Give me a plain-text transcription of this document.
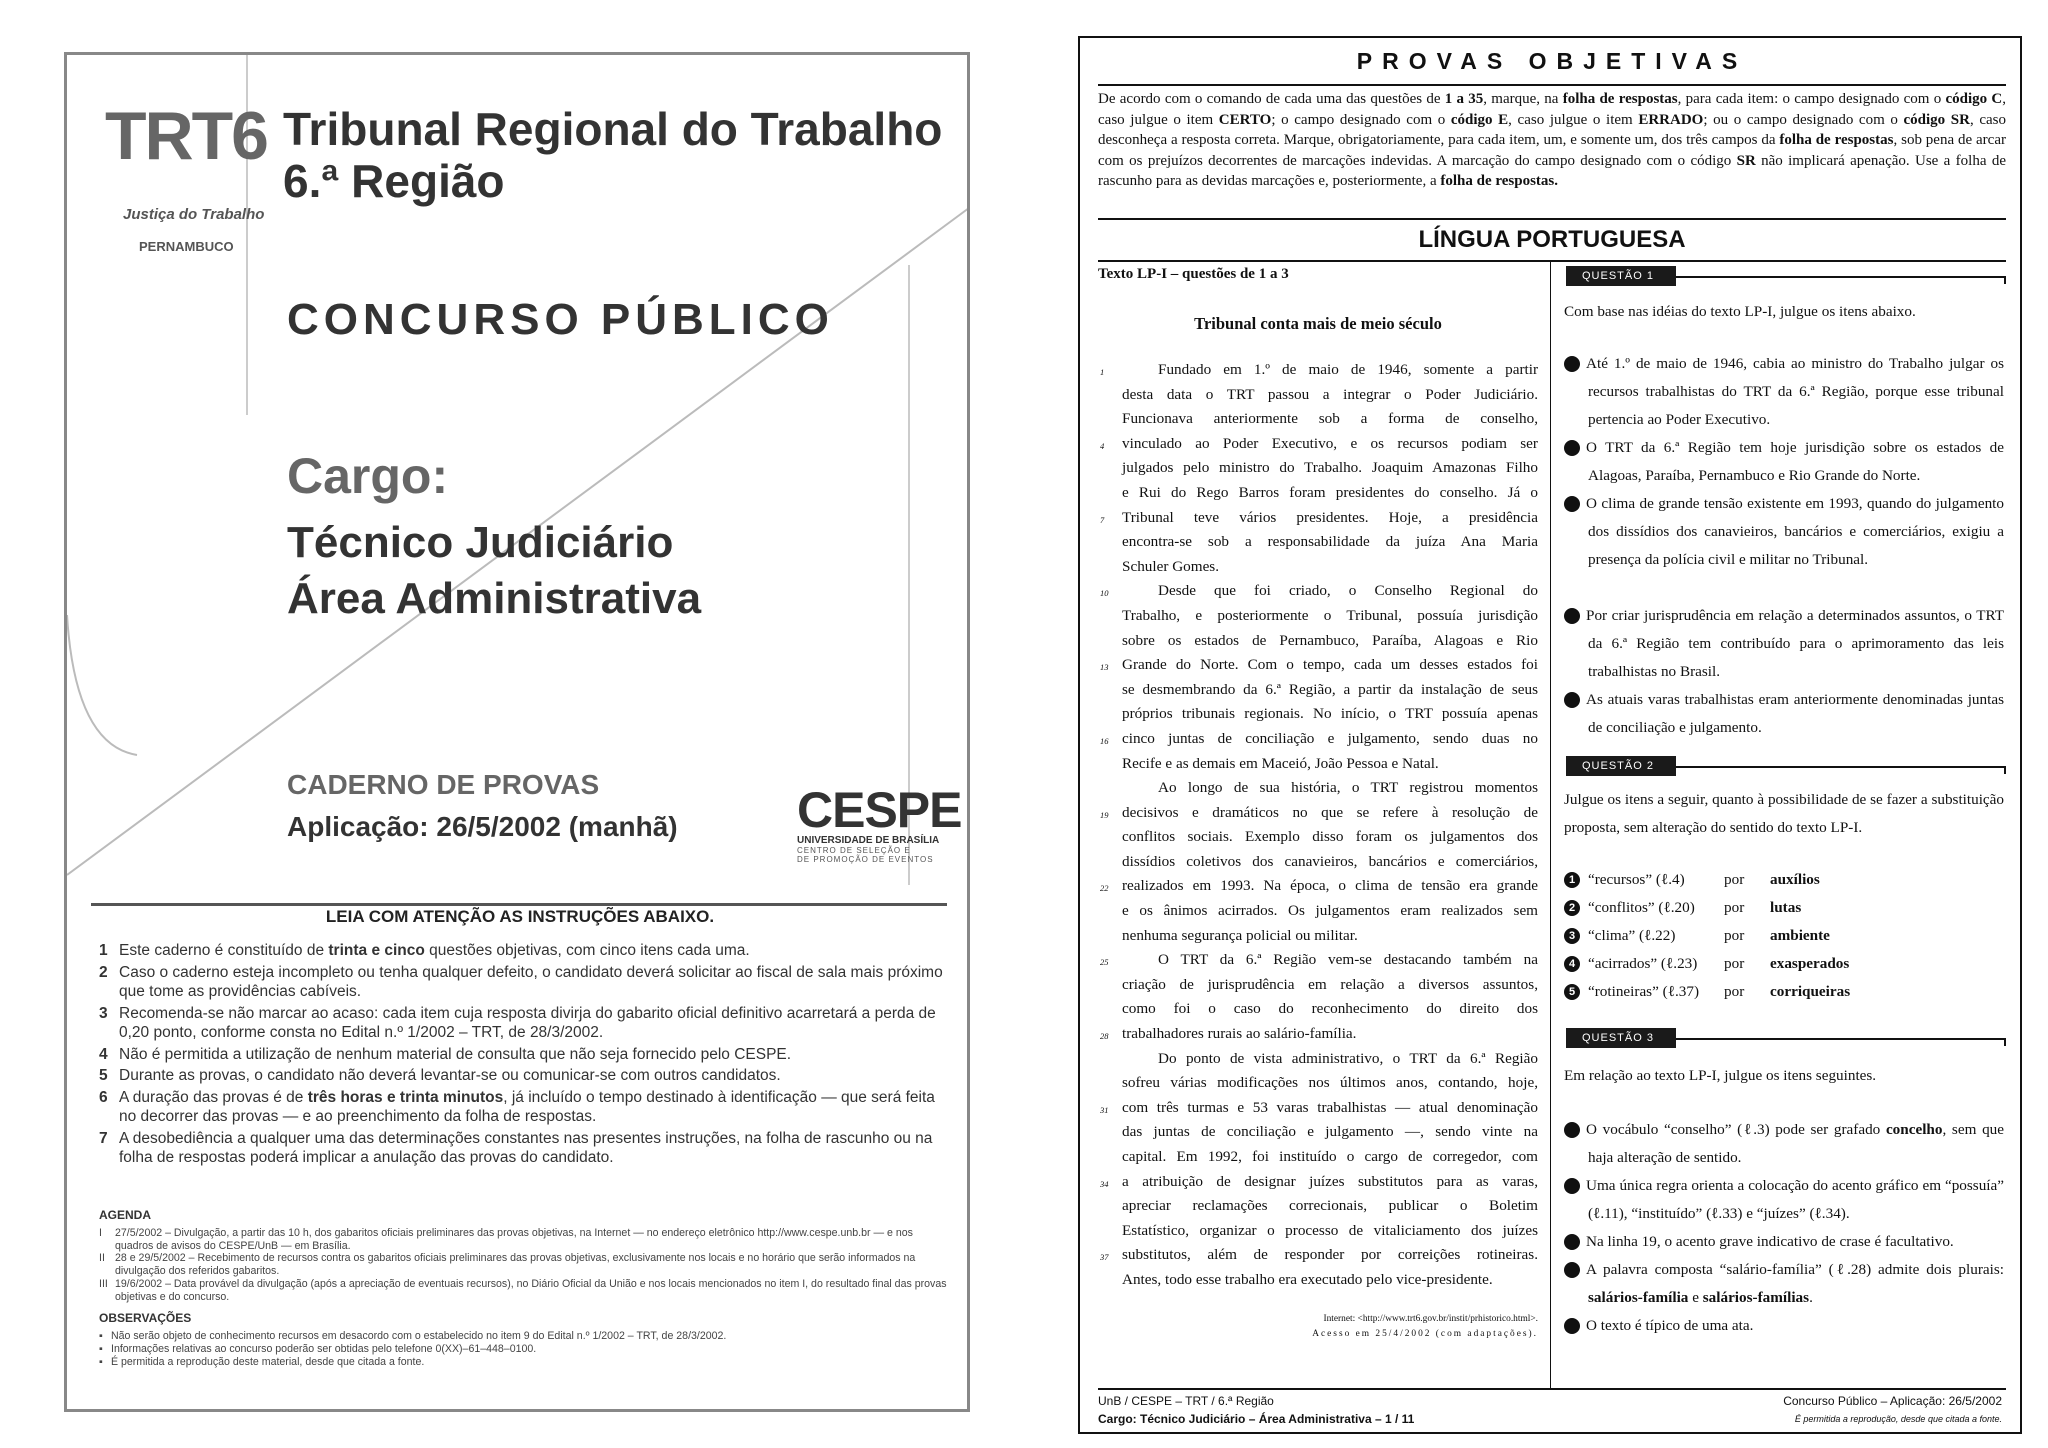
TRT6
Justiça do Trabalho
PERNAMBUCO
Tribunal Regional do Trabalho
6.ª Região
CONCURSO PÚBLICO
Cargo:
Técnico Judiciário
Área Administrativa
CADERNO DE PROVAS
Aplicação: 26/5/2002 (manhã) CESPE
UNIVERSIDADE DE BRASÍLIA
CENTRO DE SELEÇÃO E
DE PROMOÇÃO DE EVENTOS
LEIA COM ATENÇÃO AS INSTRUÇÕES ABAIXO.
1 Este caderno é constituído de trinta e cinco questões objetivas, com cinco itens cada uma.
2 Caso o caderno esteja incompleto ou tenha qualquer defeito, o candidato deverá solicitar ao fiscal de sala mais próximo que tome as providências cabíveis.
3 Recomenda-se não marcar ao acaso: cada item cuja resposta divirja do gabarito oficial definitivo acarretará a perda de 0,20 ponto, conforme consta no Edital n.º 1/2002 – TRT, de 28/3/2002.
4 Não é permitida a utilização de nenhum material de consulta que não seja fornecido pelo CESPE.
5 Durante as provas, o candidato não deverá levantar-se ou comunicar-se com outros candidatos.
6 A duração das provas é de três horas e trinta minutos, já incluído o tempo destinado à identificação — que será feita no decorrer das provas — e ao preenchimento da folha de respostas.
7 A desobediência a qualquer uma das determinações constantes nas presentes instruções, na folha de rascunho ou na folha de respostas poderá implicar a anulação das provas do candidato.
AGENDA
I	27/5/2002 – Divulgação, a partir das 10 h, dos gabaritos oficiais preliminares das provas objetivas, na Internet — no endereço eletrônico http://www.cespe.unb.br — e nos quadros de avisos do CESPE/UnB — em Brasília.
II 28 e 29/5/2002 – Recebimento de recursos contra os gabaritos oficiais preliminares das provas objetivas, exclusivamente nos locais e no horário que serão informados na divulgação dos referidos gabaritos.
III 19/6/2002 – Data provável da divulgação (após a apreciação de eventuais recursos), no Diário Oficial da União e nos locais mencionados no item I, do resultado final das provas objetivas e do concurso.
OBSERVAÇÕES
▪ Não serão objeto de conhecimento recursos em desacordo com o estabelecido no item 9 do Edital n.º 1/2002 – TRT, de 28/3/2002.
▪ Informações relativas ao concurso poderão ser obtidas pelo telefone 0(XX)–61–448–0100.
▪ É permitida a reprodução deste material, desde que citada a fonte.
PROVAS OBJETIVAS
De acordo com o comando de cada uma das questões de 1 a 35, marque, na folha de respostas, para cada item: o campo designado com o código C, caso julgue o item CERTO; o campo designado com o código E, caso julgue o item ERRADO; ou o campo designado com o código SR, caso desconheça a resposta correta. Marque, obrigatoriamente, para cada item, um, e somente um, dos três campos da folha de respostas, sob pena de arcar com os prejuízos decorrentes de marcações indevidas. A marcação do campo designado com o código SR não implicará apenação. Use a folha de rascunho para as devidas marcações e, posteriormente, a folha de respostas.
LÍNGUA PORTUGUESA
Texto LP-I – questões de 1 a 3
Tribunal conta mais de meio século
1	Fundado em 1.º de maio de 1946, somente a partir
desta data o TRT passou a integrar o Poder Judiciário.
Funcionava anteriormente sob a forma de conselho,
4 vinculado ao Poder Executivo, e os recursos podiam ser
julgados pelo ministro do Trabalho. Joaquim Amazonas Filho
e Rui do Rego Barros foram presidentes do conselho. Já o
7 Tribunal teve vários presidentes. Hoje, a presidência
encontra-se sob a responsabilidade da juíza Ana Maria
Schuler Gomes.
10	Desde que foi criado, o Conselho Regional do
Trabalho, e posteriormente o Tribunal, possuía jurisdição
sobre os estados de Pernambuco, Paraíba, Alagoas e Rio
13 Grande do Norte. Com o tempo, cada um desses estados foi
se desmembrando da 6.ª Região, a partir da instalação de seus
próprios tribunais regionais. No início, o TRT possuía apenas
16 cinco juntas de conciliação e julgamento, sendo duas no
Recife e as demais em Maceió, João Pessoa e Natal.
Ao longo de sua história, o TRT registrou momentos
19 decisivos e dramáticos no que se refere à resolução de
conflitos sociais. Exemplo disso foram os julgamentos dos
dissídios coletivos dos canavieiros, bancários e comerciários,
22 realizados em 1993. Na época, o clima de tensão era grande
e os ânimos acirrados. Os julgamentos eram realizados sem
nenhuma segurança policial ou militar.
25	O TRT da 6.ª Região vem-se destacando também na
criação de jurisprudência em relação a diversos assuntos,
como foi o caso do reconhecimento do direito dos
28 trabalhadores rurais ao salário-família.
Do ponto de vista administrativo, o TRT da 6.ª Região
sofreu várias modificações nos últimos anos, contando, hoje,
31 com três turmas e 53 varas trabalhistas — atual denominação
das juntas de conciliação e julgamento —, sendo vinte na
capital. Em 1992, foi instituído o cargo de corregedor, com
34 a atribuição de designar juízes substitutos para as varas,
apreciar reclamações correcionais, publicar o Boletim
Estatístico, organizar o processo de vitaliciamento dos juízes
37 substitutos, além de responder por correições rotineiras.
Antes, todo esse trabalho era executado pelo vice-presidente.
Internet: <http://www.trt6.gov.br/instit/prhistorico.html>.
Acesso em 25/4/2002 (com adaptações).
QUESTÃO 1
Com base nas idéias do texto LP-I, julgue os itens abaixo.
1 Até 1.º de maio de 1946, cabia ao ministro do Trabalho julgar os recursos trabalhistas do TRT da 6.ª Região, porque esse tribunal pertencia ao Poder Executivo.
2 O TRT da 6.ª Região tem hoje jurisdição sobre os estados de Alagoas, Paraíba, Pernambuco e Rio Grande do Norte.
3 O clima de grande tensão existente em 1993, quando do julgamento dos dissídios dos canavieiros, bancários e comerciários, exigiu a presença da polícia civil e militar no Tribunal.
4 Por criar jurisprudência em relação a determinados assuntos, o TRT da 6.ª Região tem contribuído para o aprimoramento das leis trabalhistas no Brasil.
5 As atuais varas trabalhistas eram anteriormente denominadas juntas de conciliação e julgamento.
QUESTÃO 2
Julgue os itens a seguir, quanto à possibilidade de se fazer a substituição proposta, sem alteração do sentido do texto LP-I.
1 “recursos” (ℓ.4)	por auxílios
2 “conflitos” (ℓ.20) por lutas
3 “clima” (ℓ.22)	por ambiente
4 “acirrados” (ℓ.23) por exasperados
5 “rotineiras” (ℓ.37) por corriqueiras
QUESTÃO 3
Em relação ao texto LP-I, julgue os itens seguintes.
1 O vocábulo “conselho” (ℓ.3) pode ser grafado concelho, sem que haja alteração de sentido.
2 Uma única regra orienta a colocação do acento gráfico em “possuía” (ℓ.11), “instituído” (ℓ.33) e “juízes” (ℓ.34).
3 Na linha 19, o acento grave indicativo de crase é facultativo.
4 A palavra composta “salário-família” (ℓ.28) admite dois plurais: salários-família e salários-famílias.
5 O texto é típico de uma ata.
UnB / CESPE – TRT / 6.ª Região
Cargo: Técnico Judiciário – Área Administrativa – 1 / 11
Concurso Público – Aplicação: 26/5/2002
É permitida a reprodução, desde que citada a fonte.
